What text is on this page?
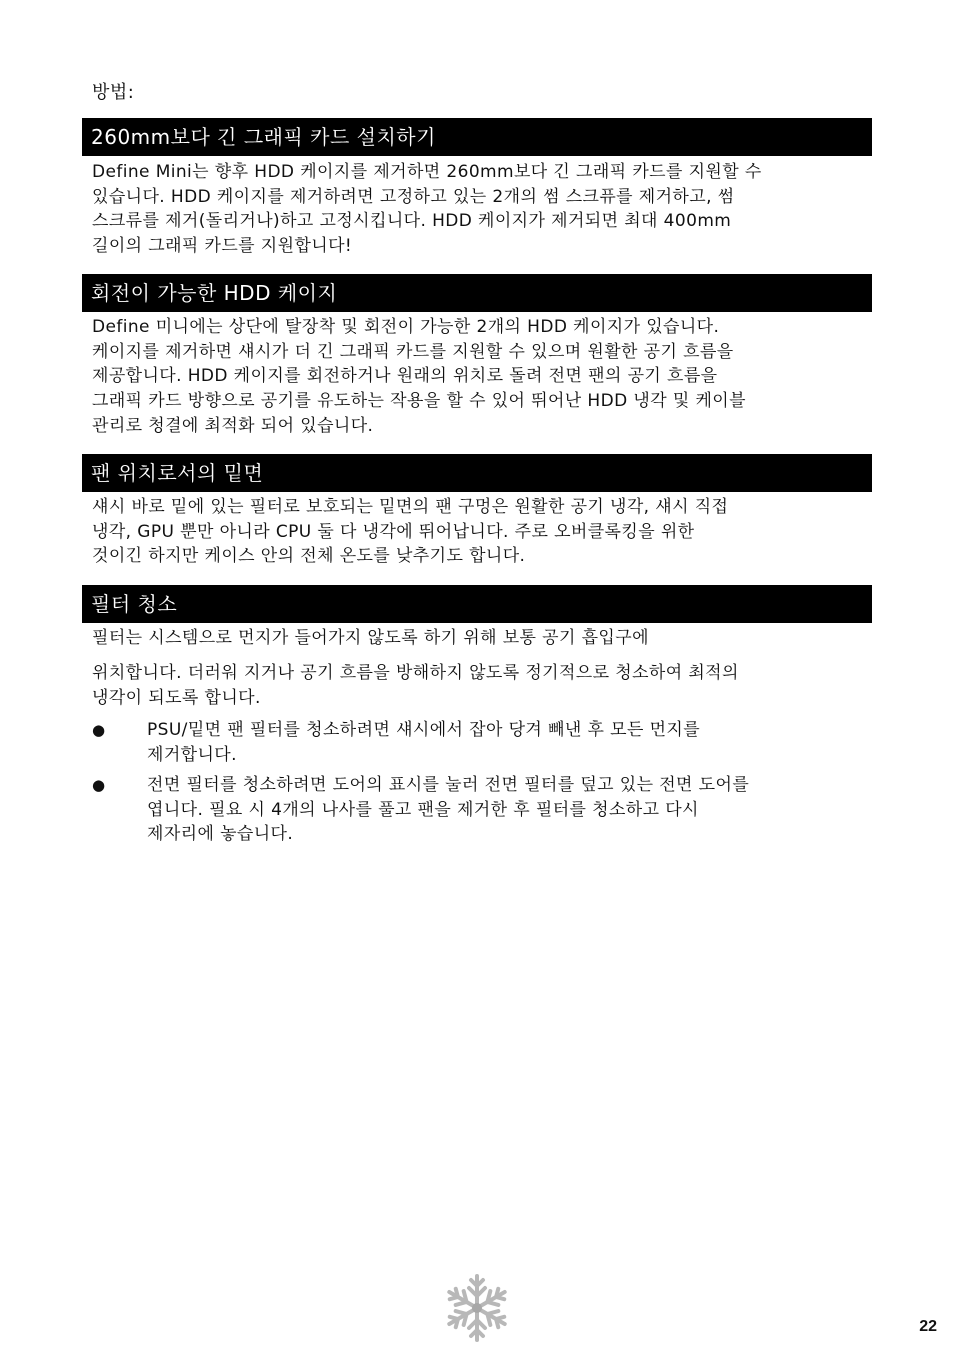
방법:
260mm보다 긴 그래픽 카드 설치하기
Define Mini는 향후 HDD 케이지를 제거하면 260mm보다 긴 그래픽 카드를 지원할 수
있습니다. HDD 케이지를 제거하려면 고정하고 있는 2개의 썸 스크퓨를 제거하고, 썸
스크류를 제거(돌리거나)하고 고정시킵니다. HDD 케이지가 제거되면 최대 400mm
길이의 그래픽 카드를 지원합니다!
회전이 가능한 HDD 케이지
Define 미니에는 상단에 탈장착 및 회전이 가능한 2개의 HDD 케이지가 있습니다.
케이지를 제거하면 섀시가 더 긴 그래픽 카드를 지원할 수 있으며 원활한 공기 흐름을
제공합니다. HDD 케이지를 회전하거나 원래의 위치로 돌려 전면 팬의 공기 흐름을
그래픽 카드 방향으로 공기를 유도하는 작용을 할 수 있어 뛰어난 HDD 냉각 및 케이블
관리로 청결에 최적화 되어 있습니다.
팬 위치로서의 밑면
섀시 바로 밑에 있는 필터로 보호되는 밑면의 팬 구멍은 원활한 공기 냉각, 섀시 직접
냉각, GPU 뿐만 아니라 CPU 둘 다 냉각에 뛰어납니다. 주로 오버클록킹을 위한
것이긴 하지만 케이스 안의 전체 온도를 낮추기도 합니다.
필터 청소
필터는 시스템으로 먼지가 들어가지 않도록 하기 위해 보통 공기 흡입구에
위치합니다. 더러워 지거나 공기 흐름을 방해하지 않도록 정기적으로 청소하여 최적의
냉각이 되도록 합니다.
● PSU/밑면 팬 필터를 청소하려면 섀시에서 잡아 당겨 빼낸 후 모든 먼지를
제거합니다.
● 전면 필터를 청소하려면 도어의 표시를 눌러 전면 필터를 덮고 있는 전면 도어를
엽니다. 필요 시 4개의 나사를 풀고 팬을 제거한 후 필터를 청소하고 다시
제자리에 놓습니다.
22
